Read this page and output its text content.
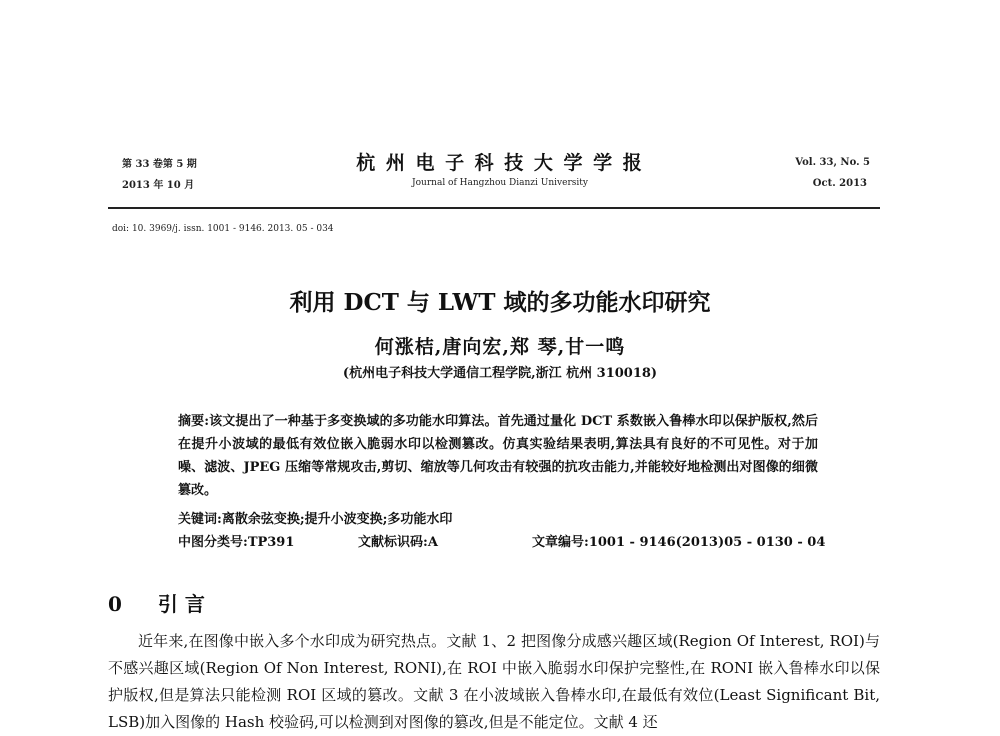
第 33 卷第 5 期
2013 年 10 月
杭 州 电 子 科 技 大 学 学 报
Journal of Hangzhou Dianzi University
Vol. 33, No. 5
Oct. 2013
doi: 10. 3969/j. issn. 1001 - 9146. 2013. 05 - 034
利用 DCT 与 LWT 域的多功能水印研究
何涨桔,唐向宏,郑 琴,甘一鸣
(杭州电子科技大学通信工程学院,浙江 杭州 310018)
摘要:该文提出了一种基于多变换域的多功能水印算法。首先通过量化 DCT 系数嵌入鲁棒水印以保护版权,然后在提升小波域的最低有效位嵌入脆弱水印以检测篡改。仿真实验结果表明,算法具有良好的不可见性。对于加噪、滤波、JPEG 压缩等常规攻击,剪切、缩放等几何攻击有较强的抗攻击能力,并能较好地检测出对图像的细微篡改。
关键词:离散余弦变换;提升小波变换;多功能水印
中图分类号:TP391	文献标识码:A	文章编号:1001 - 9146(2013)05 - 0130 - 04
0 引 言

近年来,在图像中嵌入多个水印成为研究热点。文献 1、2 把图像分成感兴趣区域(Region Of Interest, ROI)与不感兴趣区域(Region Of Non Interest, RONI),在 ROI 中嵌入脆弱水印保护完整性,在 RONI 嵌入鲁棒水印以保护版权,但是算法只能检测 ROI 区域的篡改。文献 3 在小波域嵌入鲁棒水印,在最低有效位(Least Significant Bit, LSB)加入图像的 Hash 校验码,可以检测到对图像的篡改,但是不能定位。文献 4 还
